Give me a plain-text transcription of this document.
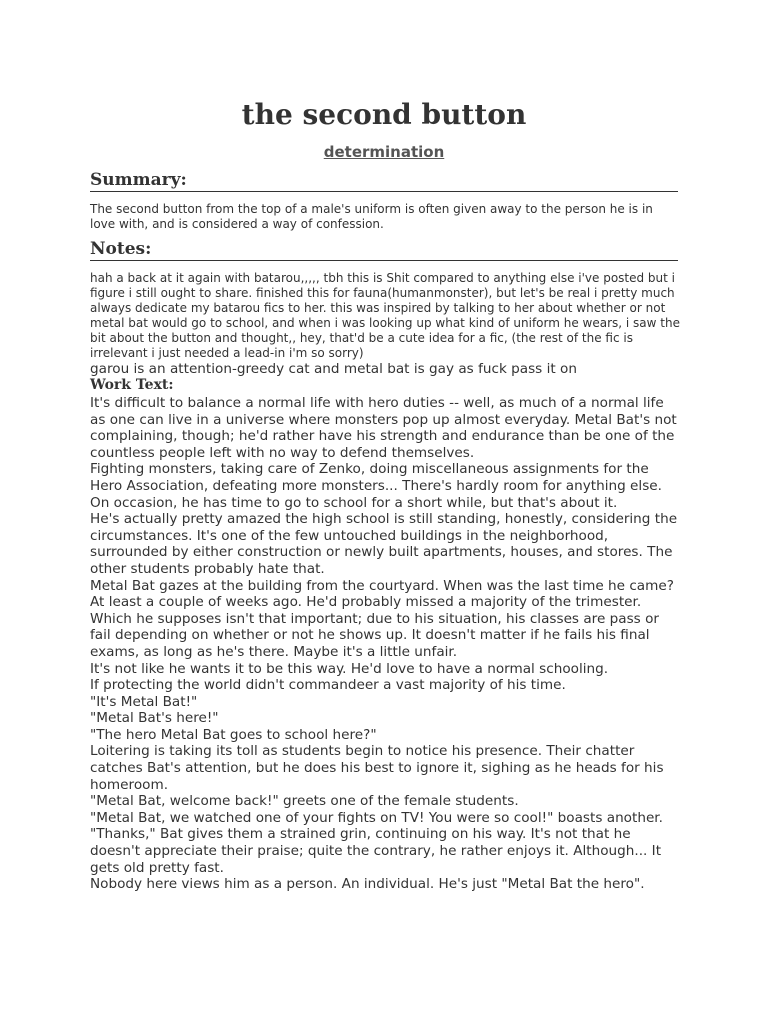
the second button
determination
Summary:
The second button from the top of a male's uniform is often given away to the person he is in love with, and is considered a way of confession.
Notes:
hah a back at it again with batarou,,,,, tbh this is Shit compared to anything else i've posted but i figure i still ought to share. finished this for fauna(humanmonster), but let's be real i pretty much always dedicate my batarou fics to her. this was inspired by talking to her about whether or not metal bat would go to school, and when i was looking up what kind of uniform he wears, i saw the bit about the button and thought,, hey, that'd be a cute idea for a fic, (the rest of the fic is irrelevant i just needed a lead-in i'm so sorry)
garou is an attention-greedy cat and metal bat is gay as fuck pass it on
Work Text:

It's difficult to balance a normal life with hero duties -- well, as much of a normal life as one can live in a universe where monsters pop up almost everyday. Metal Bat's not complaining, though; he'd rather have his strength and endurance than be one of the countless people left with no way to defend themselves.

Fighting monsters, taking care of Zenko, doing miscellaneous assignments for the Hero Association, defeating more monsters... There's hardly room for anything else. On occasion, he has time to go to school for a short while, but that's about it.

He's actually pretty amazed the high school is still standing, honestly, considering the circumstances. It's one of the few untouched buildings in the neighborhood, surrounded by either construction or newly built apartments, houses, and stores. The other students probably hate that.

Metal Bat gazes at the building from the courtyard. When was the last time he came? At least a couple of weeks ago. He'd probably missed a majority of the trimester. Which he supposes isn't that important; due to his situation, his classes are pass or fail depending on whether or not he shows up. It doesn't matter if he fails his final exams, as long as he's there. Maybe it's a little unfair.

It's not like he wants it to be this way. He'd love to have a normal schooling.

If protecting the world didn't commandeer a vast majority of his time.

"It's Metal Bat!"

"Metal Bat's here!"

"The hero Metal Bat goes to school here?"

Loitering is taking its toll as students begin to notice his presence. Their chatter catches Bat's attention, but he does his best to ignore it, sighing as he heads for his homeroom.

"Metal Bat, welcome back!" greets one of the female students.

"Metal Bat, we watched one of your fights on TV! You were so cool!" boasts another.

"Thanks," Bat gives them a strained grin, continuing on his way. It's not that he doesn't appreciate their praise; quite the contrary, he rather enjoys it. Although... It gets old pretty fast.

Nobody here views him as a person. An individual. He's just "Metal Bat the hero".
